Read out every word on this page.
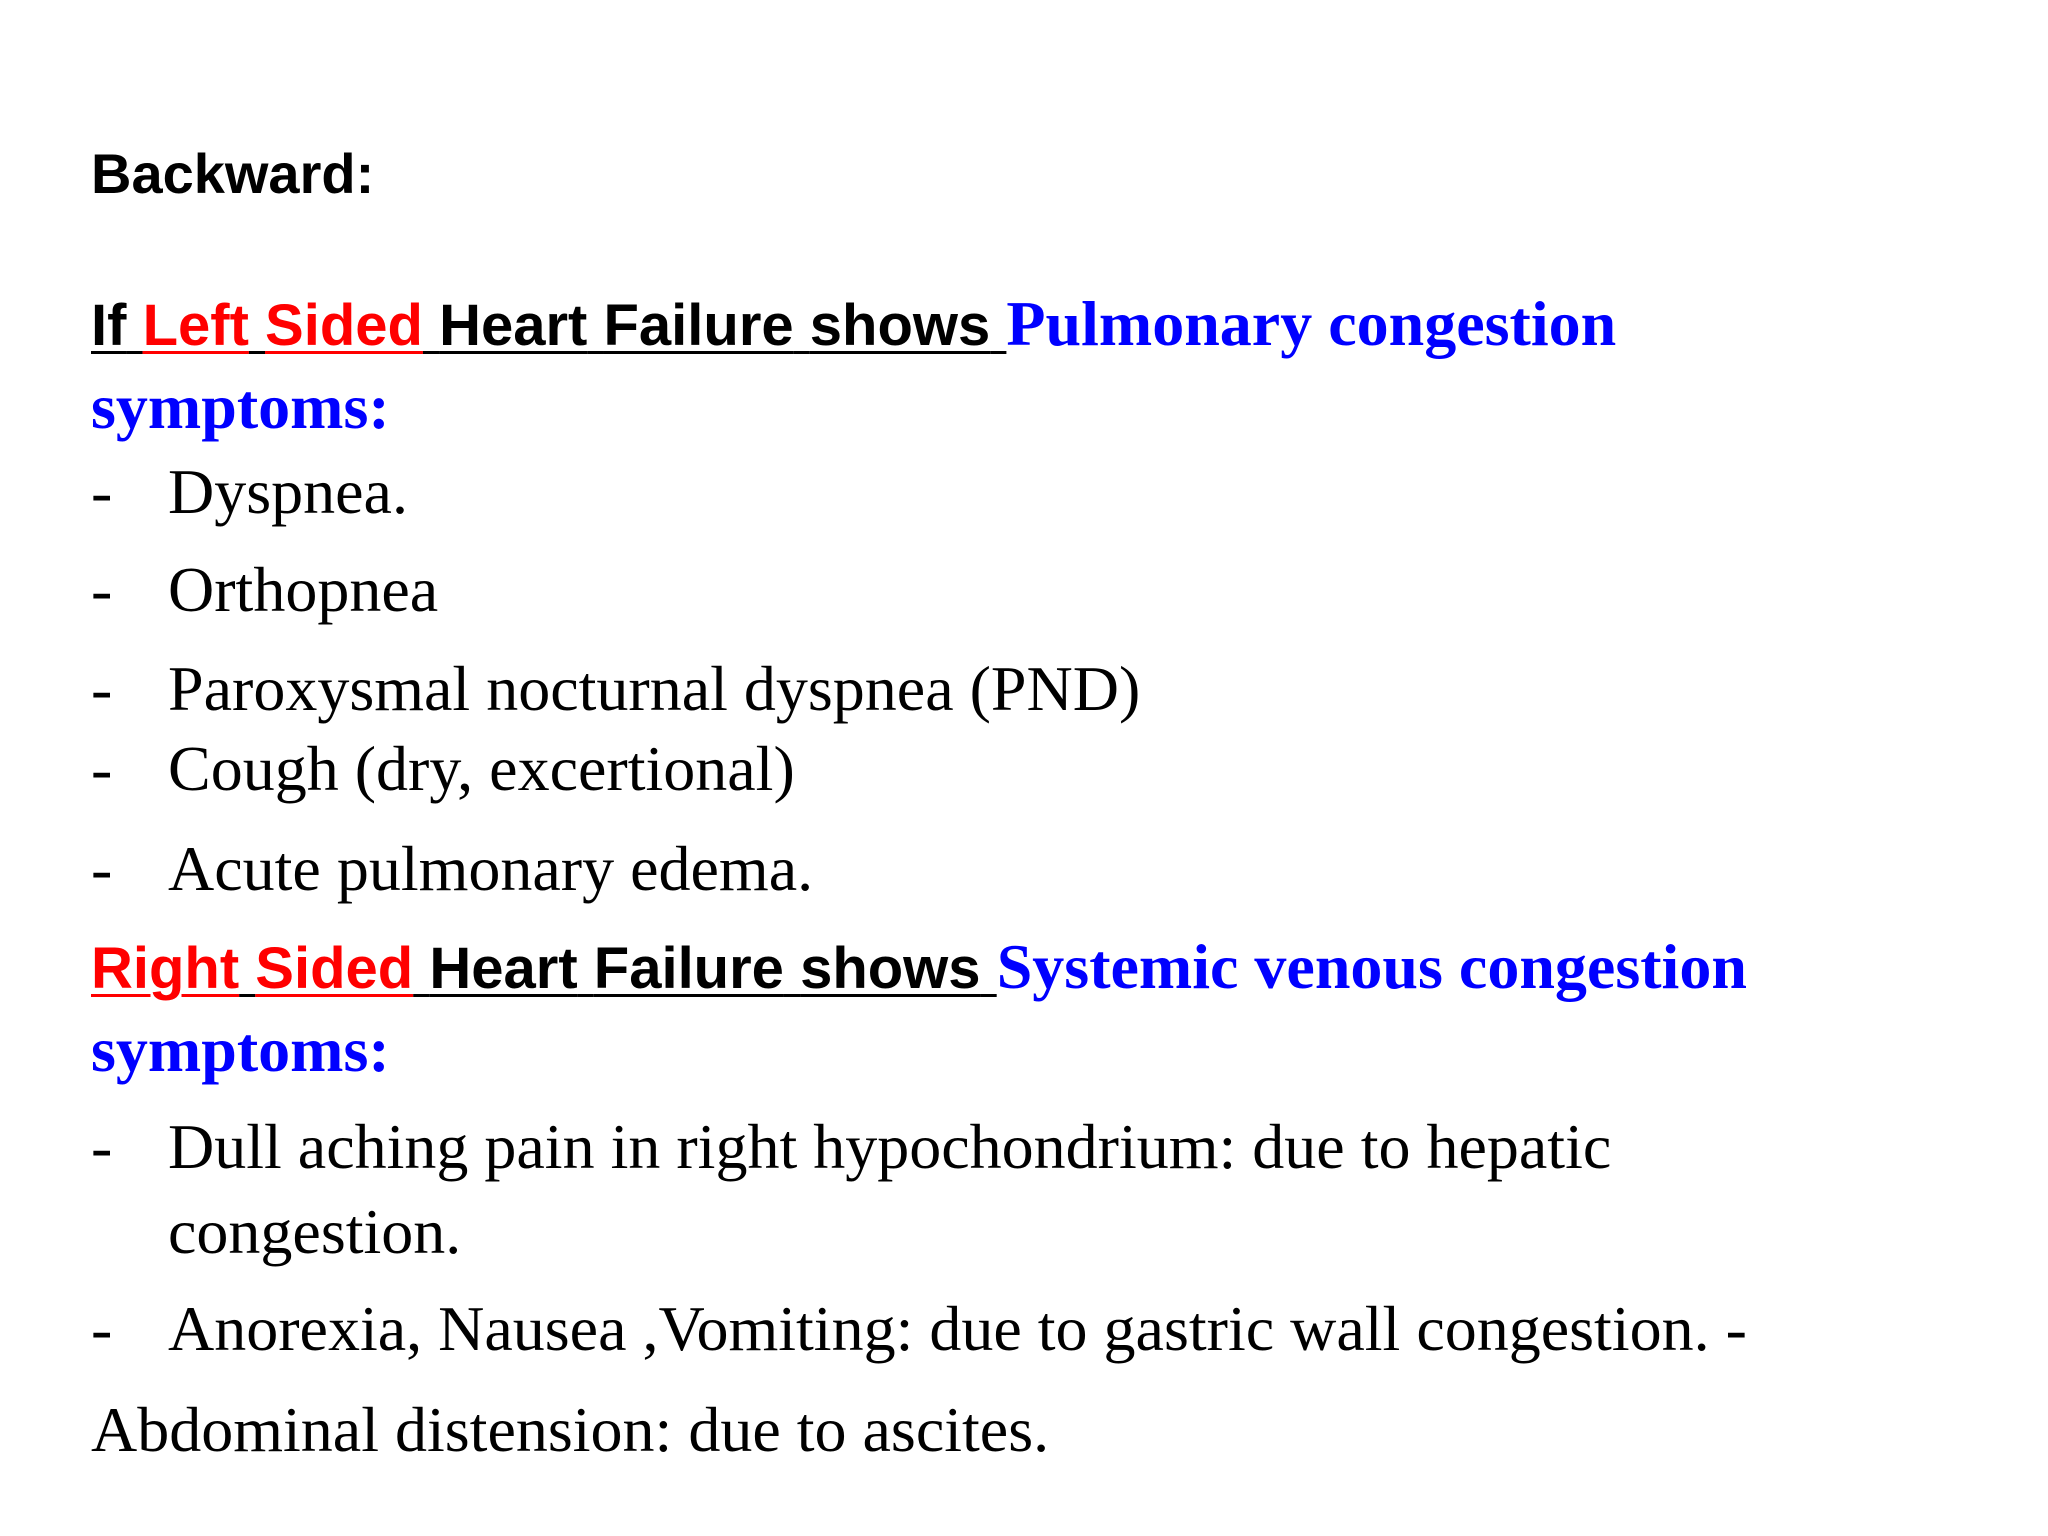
Backward:
If Left Sided Heart Failure shows Pulmonary congestion
symptoms:
- Dyspnea.
- Orthopnea
- Paroxysmal nocturnal dyspnea (PND)
- Cough (dry, excertional)
- Acute pulmonary edema.
Right Sided Heart Failure shows Systemic venous congestion
symptoms:
- Dull aching pain in right hypochondrium: due to hepatic
congestion.
- Anorexia, Nausea ,Vomiting: due to gastric wall congestion. -
Abdominal distension: due to ascites.
